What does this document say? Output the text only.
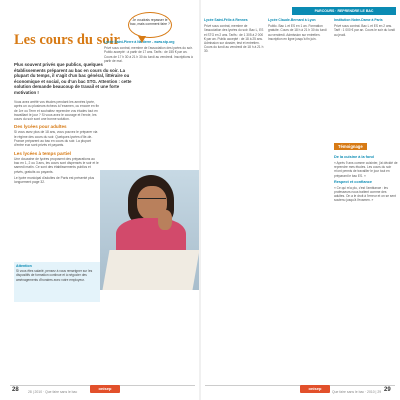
Les cours du soir
Plus souvent privés que publics, quelques établissements préparent au bac en cours du soir. La plupart du temps, il s'agit d'un bac général, littéraire ou économique et social, ou d'un bac STG. Attention : cette solution demande beaucoup de travail et une forte motivation !
Vous avez arrêté vos études pendant les années lycée, après un ou plusieurs échecs à l'examen, ou encore en fin de 1re ou Term et souhaitez reprendre vos études tout en travaillant le jour ? Si vous avez le courage et l'envie, les cours du soir sont une bonne solution.
Des lycées pour adultes
Si vous avez plus de 18 ans, vous pouvez le préparer via le régime des cours du soir. Quelques lycées d'Ile-de-France préparent au bac en cours du soir. La plupart d'entre eux sont privés et payants.
Les lycées à temps partiel
Une douzaine de lycées proposent des préparations au bac en 1, 2 ou 3 ans, les cours sont dispensés le soir et le samedi matin. Ce sont des établissements publics et privés, gratuits ou payants.
Le lycée municipal d'adultes de Paris est présenté plus longuement page 32.
Attention
Si vous êtes salarié, pensez à vous renseigner sur les dispositifs de formation continue et à négocier des aménagements d'horaires avec votre employeur.

Lycée Saint-Pierre à Nanterre - www.stp.org

Privé sous contrat, membre de l'association des lycées du soir. Public accepté : à partir de 17 ans. Tarifs : de 155 € par an. Cours de 17 h 30 à 21 h 30 du lundi au vendredi. Inscriptions à partir de mai.

Je voudrais repasser le bac, mais comment faire ?
28	28 | 2010 · Que faire sans le bac
onisep
PARCOURS · REPRENDRE LE BAC

Lycée Saint-Félix à Rennes

Privé sous contrat, membre de l'association des lycées du soir. Bac L, ES et STG en 2 ans. Tarifs : de 1 305 à 2 000 € par an. Public accepté : de 18 à 25 ans. Admission sur dossier, test et entretien. Cours du lundi au vendredi de 18 h à 21 h 30.

Lycée Claude-Bernard à Lyon

Public. Bac L et ES en 1 an. Formation gratuite. Cours de 18 h à 21 h 30 du lundi au vendredi. Admission sur entretien. Inscription en ligne jusqu'à fin juin.

Institution Notre-Dame à Paris

Privé sous contrat. Bac L et ES en 2 ans. Tarif : 1 000 € par an. Cours le soir du lundi au jeudi.

Témoignage
De la cuisine à la fond
« Après 9 ans comme cuisinier, j'ai décidé de reprendre mes études. Les cours du soir m'ont permis de travailler le jour tout en préparant le bac ES. »
Respect et confiance
« Ce qui m'a plu, c'est l'ambiance : les professeurs nous traitent comme des adultes. On a le droit à l'erreur et on se sent soutenu jusqu'à l'examen. »
onisep
Que faire sans le bac · 2010 | 29 29
